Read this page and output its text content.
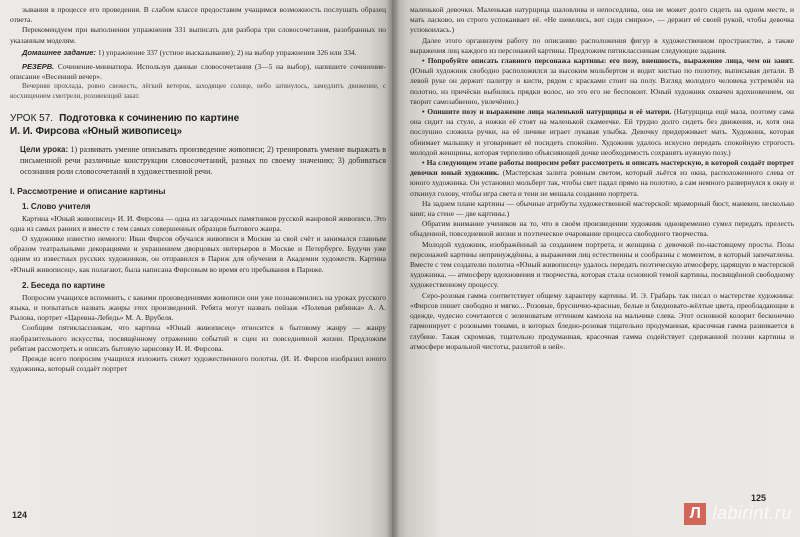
зывания в процессе его проведения. В слабом классе предоставим учащимся возможность послушать образец ответа.

Перекомендуем при выполнении упражнения 331 выписать для разбора три словосочетания, разобранных по указанным моделям.

Домашнее задание: 1) упражнение 337 (устное высказывание); 2) на выбор упражнения 326 или 334.

РЕЗЕРВ. Сочинение-миниатюра. Используя данные словосочетания (3—5 на выбор), напишите сочинение-описание «Весенний вечер».

Вечерняя прохлада, ровно свежесть, лёгкий ветерок, заходящее солнце, небо затянулось, замедлить движение, с восхищением смотрели, розовеющий закат.

УРОК 57. Подготовка к сочинению по картине
И. И. Фирсова «Юный живописец»

Цели урока: 1) развивать умение описывать произведение живописи; 2) тренировать умение выражать в письменной речи различные конструкции словосочетаний, разных по своему значению; 3) добиваться осознания роли словосочетаний в художественной речи.

I. Рассмотрение и описание картины
1. Слово учителя

Картина «Юный живописец» И. И. Фирсова — одна из загадочных памятников русской жанровой живописи. Это одна из самых ранних и вместе с тем самых совершенных образцов бытового жанра.

О художнике известно немного: Иван Фирсов обучался живописи в Москве за свой счёт и занимался главным образом театральными декорациями и украшением дворцовых интерьеров в Москве и Петербурге. Будучи уже одним из известных русских художников, он отправился в Париж для обучения в Академии художеств. Картина «Юный живописец», как полагают, была написана Фирсовым во время его пребывания в Париже.

2. Беседа по картине

Попросим учащихся вспомнить, с какими произведениями живописи они уже познакомились на уроках русского языка, и попытаться назвать жанры этих произведений. Ребята могут назвать пейзаж «Полевая рябинка» А. А. Рылова, портрет «Царевна-Лебедь» М. А. Врубеля.

Сообщим пятиклассникам, что картина «Юный живописец» относится к бытовому жанру — жанру изобразительного искусства, посвящённому отражению событий и сцен из повседневной жизни. Предложим ребятам рассмотреть и описать бытовую зарисовку И. И. Фирсова.

Прежде всего попросим учащихся изложить сюжет художественного полотна. (И. И. Фирсов изобразил юного художника, который создаёт портрет

124

маленькой девочки. Маленькая натурщица шаловлива и непоседлива, она не может долго сидеть на одном месте, и мать ласково, но строго успокаивает её. «Не шевелись, вот сиди смирно», — держит её своей рукой, чтобы девочка успокоилась.)

Далее этого организуем работу по описанию расположения фигур в художественном пространстве, а также выражения лиц каждого из персонажей картины. Предложим пятиклассникам следующие задания.

• Попробуйте описать главного персонажа картины: его позу, внешность, выражение лица, чем он занят. (Юный художник свободно расположился за высоким мольбертом и водит кистью по полотну, выписывая детали. В левой руке он держит палитру и кисти, рядом с красками стоит на полу. Взгляд молодого человека устремлён на полотно, из причёски выбились прядки волос, но это его не беспокоит. Юный художник охвачен вдохновением, он творит самозабвенно, увлечённо.)

• Опишите позу и выражение лица маленькой натурщицы и её матери. (Натурщица ещё мала, поэтому сама она сидит на стуле, а ножки её стоят на маленькой скамеечке. Ей трудно долго сидеть без движения, и, хотя она послушно сложила ручки, на её личике играет лукавая улыбка. Девочку придерживает мать. Художник, которая обнимает малышку и уговаривает её посидеть спокойно. Художник удалось искусно передать спокойную строгость молодой женщины, которая терпеливо объясняющей дочке необходимость сохранять нужную позу.)

• На следующем этапе работы попросим ребят рассмотреть и описать мастерскую, в которой создаёт портрет девочки юный художник. (Мастерская залита ровным светом, который льётся из окна, расположенного слева от юного художника. Он установил мольберт так, чтобы свет падал прямо на полотно, а сам немного развернулся к окну и откинул голову, чтобы игра света и тени не мешала созданию портрета.

На заднем плане картины — обычные атрибуты художественной мастерской: мраморный бюст, манекен, несколько книг, на стене — две картины.)

Обратим внимание учеников на то, что в своём произведении художник одновременно сумел передать прелесть обыденной, повседневной жизни и поэтическое очарование процесса свободного творчества.

Молодой художник, изображённый за созданием портрета, и женщина с девочкой по-настоящему просты. Позы персонажей картины непринуждённы, а выражения лиц естественны и сообразны с моментом, в который запечатлены. Вместе с тем создателю полотна «Юный живописец» удалось передать поэтическую атмосферу, царящую в мастерской художника, — атмосферу вдохновения и творчества, которая стала основной темой картины, посвящённой свободному художественному процессу.

Серо-розовая гамма соответствует общему характеру картины. И. Э. Грабарь так писал о мастерстве художника: «Фирсов пишет свободно и мягко... Розовые, бруснично-красные, белые и бледновато-жёлтые цвета, преобладающие в одежде, чудесно сочетаются с зеленоватым оттенком камзола на мальчике слева. Этот основной колорит бесконечно гармонирует с розовыми тонами, в которых бледно-розовая тщательно продуманная, красочная гамма развивается в глубине. Такая скромная, тщательно продуманная, красочная гамма содействует сдержанной поэзии картины и атмосфере моральной чистоты, разлитой в ней».

125
Л labirint.ru
